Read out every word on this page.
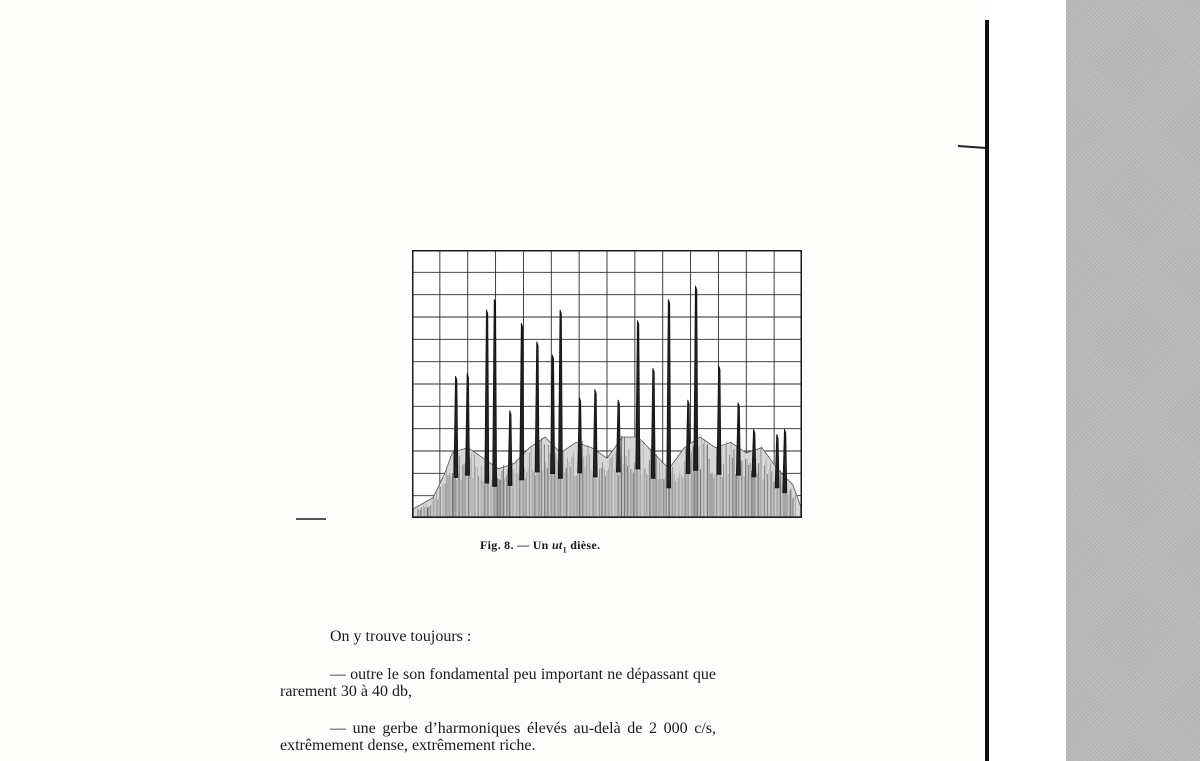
Fig. 8. — Un $ut_1$ dièse.
On y trouve toujours :
— outre le son fondamental peu important ne dépassant que rarement 30 à 40 db,
— une gerbe d’harmoniques élevés au-delà de 2 000 c/s, extrêmement dense, extrêmement riche.
